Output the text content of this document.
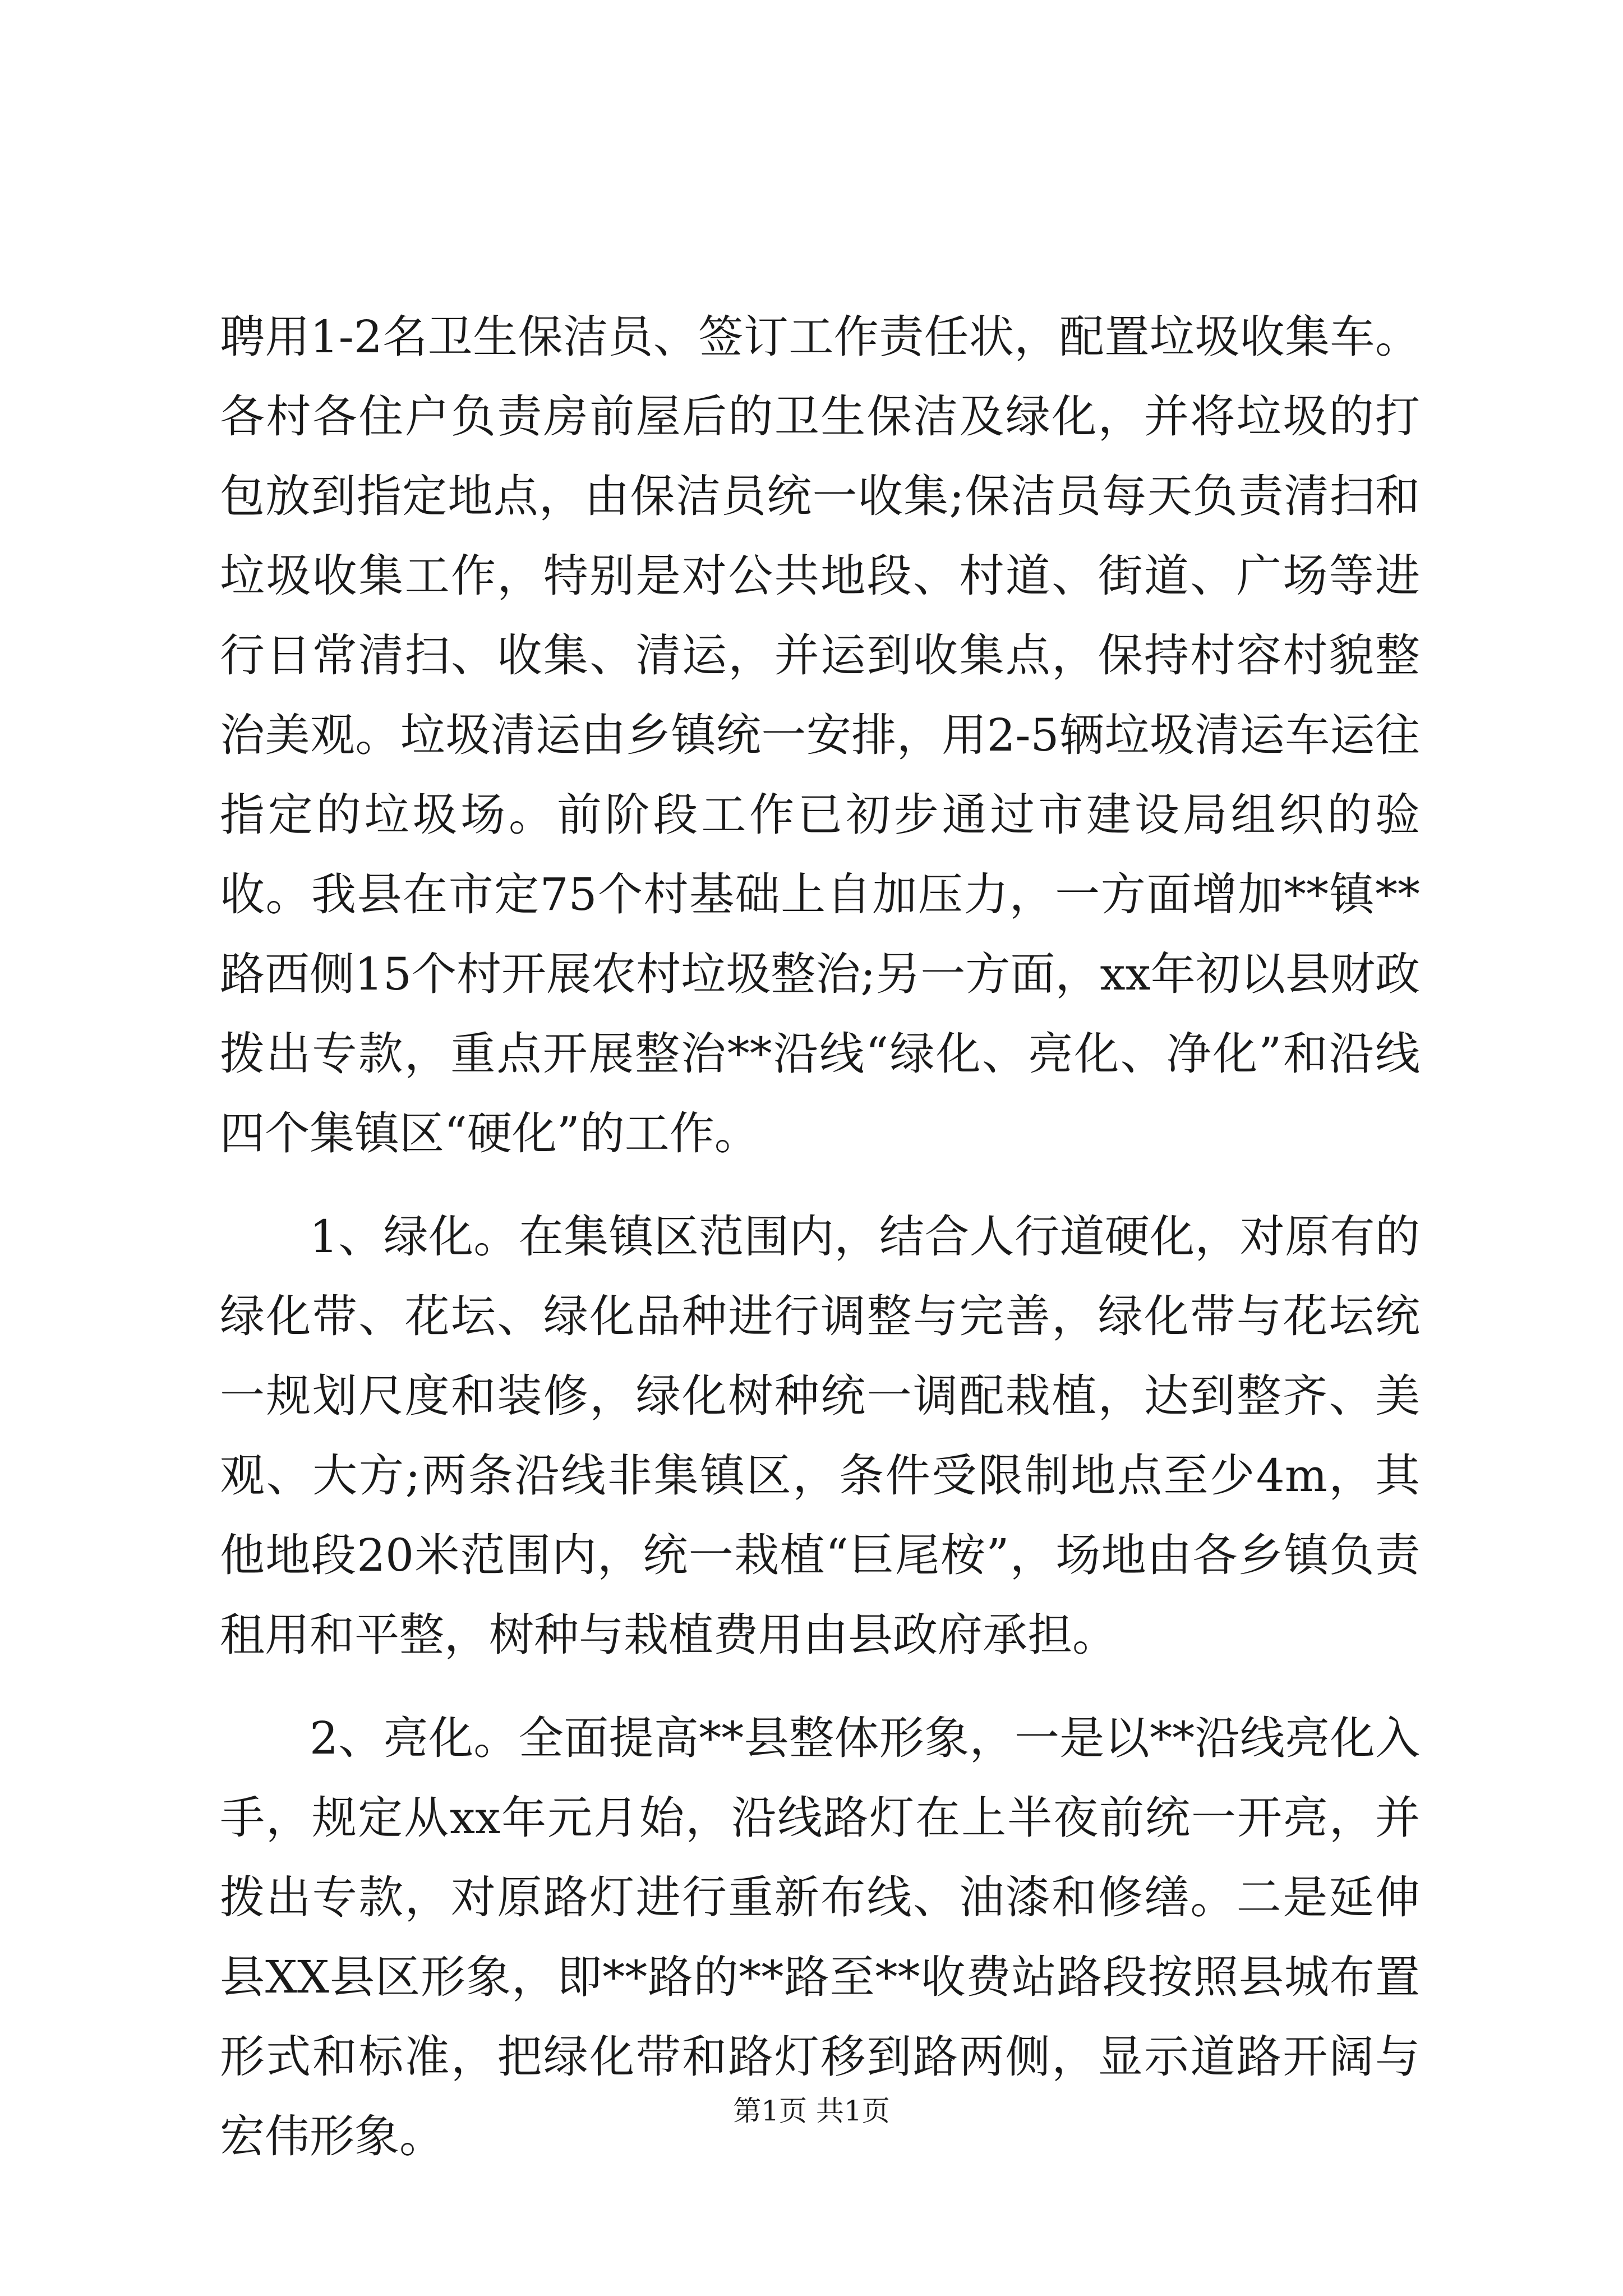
聘用1-2名卫生保洁员、签订工作责任状，配置垃圾收集车。各村各住户负责房前屋后的卫生保洁及绿化，并将垃圾的打包放到指定地点，由保洁员统一收集;保洁员每天负责清扫和垃圾收集工作，特别是对公共地段、村道、街道、广场等进行日常清扫、收集、清运，并运到收集点，保持村容村貌整治美观。垃圾清运由乡镇统一安排，用2-5辆垃圾清运车运往指定的垃圾场。前阶段工作已初步通过市建设局组织的验收。我县在市定75个村基础上自加压力，一方面增加**镇**路西侧15个村开展农村垃圾整治;另一方面，xx年初以县财政拨出专款，重点开展整治**沿线“绿化、亮化、净化”和沿线四个集镇区“硬化”的工作。

1、绿化。在集镇区范围内，结合人行道硬化，对原有的绿化带、花坛、绿化品种进行调整与完善，绿化带与花坛统一规划尺度和装修，绿化树种统一调配栽植，达到整齐、美观、大方;两条沿线非集镇区，条件受限制地点至少4m，其他地段20米范围内，统一栽植“巨尾桉”，场地由各乡镇负责租用和平整，树种与栽植费用由县政府承担。

2、亮化。全面提高**县整体形象，一是以**沿线亮化入手，规定从xx年元月始，沿线路灯在上半夜前统一开亮，并拨出专款，对原路灯进行重新布线、油漆和修缮。二是延伸县XX县区形象，即**路的**路至**收费站路段按照县城布置形式和标准，把绿化带和路灯移到路两侧，显示道路开阔与宏伟形象。	第1页 共1页
